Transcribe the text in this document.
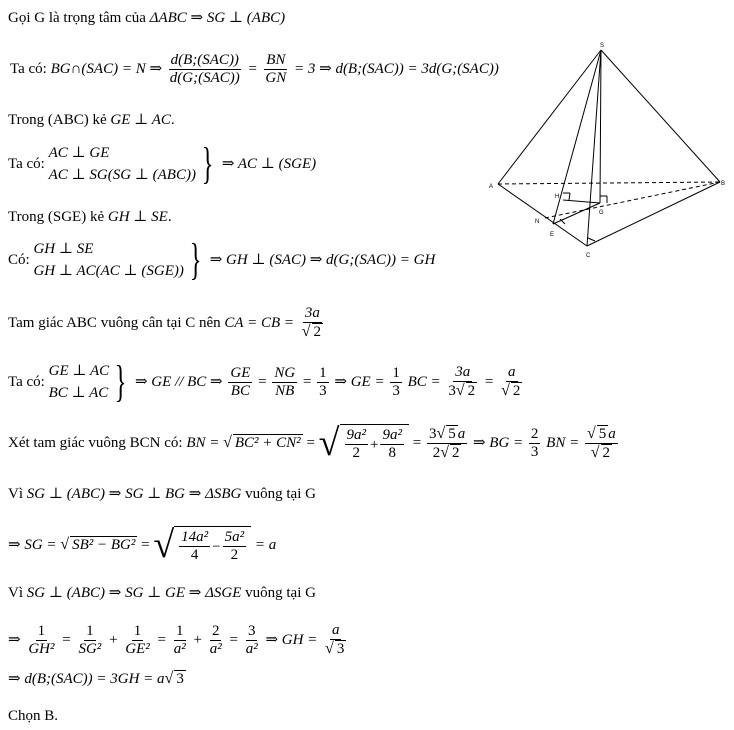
Gọi G là trọng tâm của ΔABC ⇒ SG ⊥ (ABC)
Ta có: BG∩(SAC) = N ⇒ $\frac{\text{d(B;(SAC))}}{\text{d(G;(SAC))}} = \frac{BN}{GN} = 3$ ⇒ d(B;(SAC)) = 3d(G;(SAC))
Trong (ABC) kẻ GE ⊥ AC.
Ta có:
AC ⊥ GE
AC ⊥ SG(SG ⊥ (ABC)) } ⇒ AC ⊥ (SGE)
Trong (SGE) kẻ GH ⊥ SE.
Có:
GH ⊥ SE
GH ⊥ AC(AC ⊥ (SGE)) } ⇒ GH ⊥ (SAC) ⇒ d(G;(SAC)) = GH
Tam giác ABC vuông cân tại C nên CA = CB = $\frac{3a}{√ 2}$
Ta có:
GE ⊥ AC
BC ⊥ AC } ⇒ GE // BC ⇒ $\frac{GE}{BC} = \frac{NG}{NB} = \frac{1}{3}$ ⇒ GE = $\frac{1}{3}$ BC = $\frac{3a}{3√ 2} = \frac{a}{√ 2}$
Xét tam giác vuông BCN có: BN = √ BC² + CN² = √ $\frac{\text{9a²}}{2} + \frac{\text{9a²}}{8} = \frac{3√ 5 a}{2√ 2}$ ⇒ BG = $\frac{2}{3}$ BN = $\frac{√ 5 a}{√ 2}$
Vì SG ⊥ (ABC) ⇒ SG ⊥ BG ⇒ ΔSBG vuông tại G
⇒ SG = √ SB² − BG² = √ $\frac{\text{14a²}}{4} - \frac{\text{5a²}}{2} = a$
Vì SG ⊥ (ABC) ⇒ SG ⊥ GE ⇒ ΔSGE vuông tại G
⇒ $\frac{1}{\text{GH²}} = \frac{1}{\text{SG²}} + \frac{1}{\text{GE²}} = \frac{1}{\text{a²}} + \frac{2}{\text{a²}} = \frac{3}{\text{a²}}$ ⇒ GH = $\frac{a}{√ 3}$
⇒ d(B;(SAC)) = 3GH = a√ 3
Chọn B.
S
A	B
C
H
G
N
E
